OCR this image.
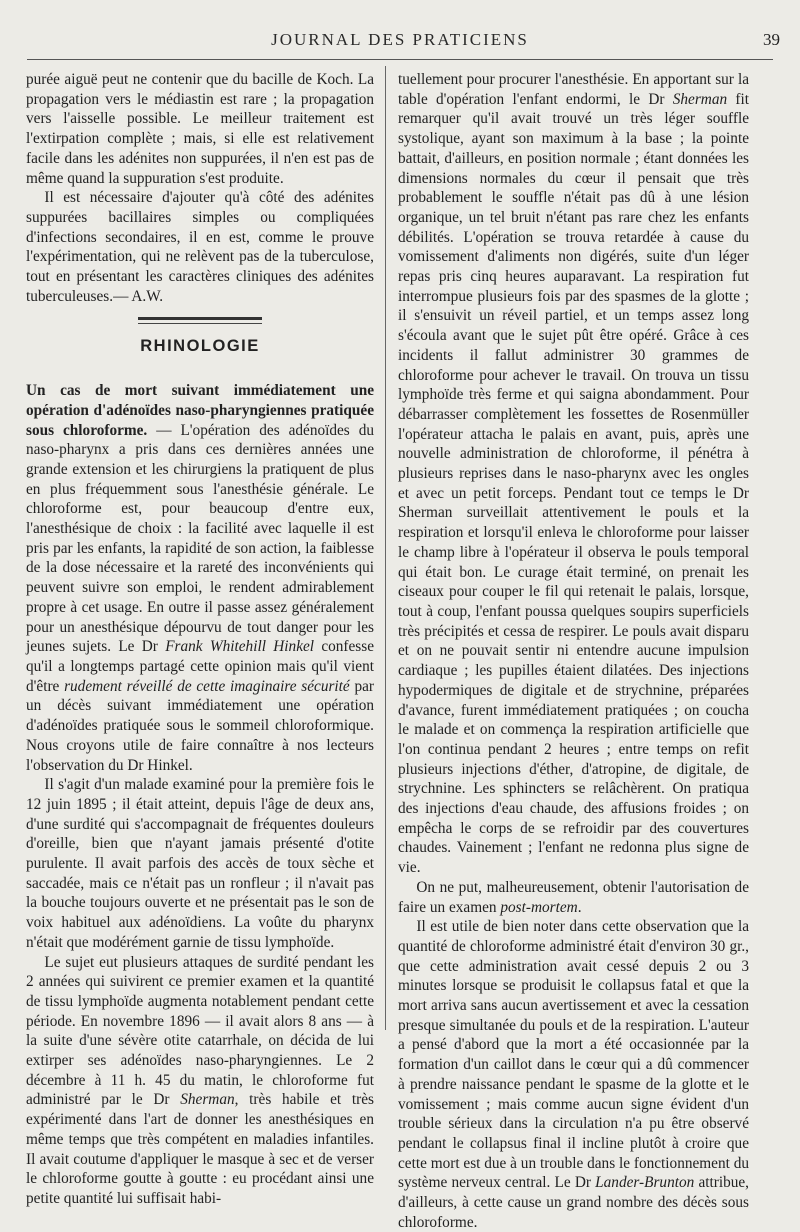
JOURNAL DES PRATICIENS	39

purée aiguë peut ne contenir que du bacille de Koch. La propagation vers le médiastin est rare ; la propagation vers l'aisselle possible. Le meilleur traitement est l'extirpation complète ; mais, si elle est relativement facile dans les adénites non suppurées, il n'en est pas de même quand la suppuration s'est produite.

Il est nécessaire d'ajouter qu'à côté des adénites suppurées bacillaires simples ou compliquées d'infections secondaires, il en est, comme le prouve l'expérimentation, qui ne relèvent pas de la tuberculose, tout en présentant les caractères cliniques des adénites tuberculeuses.— A.W.

RHINOLOGIE

Un cas de mort suivant immédiatement une opération d'adénoïdes naso-pharyngiennes pratiquée sous chloroforme. — L'opération des adénoïdes du naso-pharynx a pris dans ces dernières années une grande extension et les chirurgiens la pratiquent de plus en plus fréquemment sous l'anesthésie générale. Le chloroforme est, pour beaucoup d'entre eux, l'anesthésique de choix : la facilité avec laquelle il est pris par les enfants, la rapidité de son action, la faiblesse de la dose nécessaire et la rareté des inconvénients qui peuvent suivre son emploi, le rendent admirablement propre à cet usage. En outre il passe assez généralement pour un anesthésique dépourvu de tout danger pour les jeunes sujets. Le Dr Frank Whitehill Hinkel confesse qu'il a longtemps partagé cette opinion mais qu'il vient d'être rudement réveillé de cette imaginaire sécurité par un décès suivant immédiatement une opération d'adénoïdes pratiquée sous le sommeil chloroformique. Nous croyons utile de faire connaître à nos lecteurs l'observation du Dr Hinkel.

Il s'agit d'un malade examiné pour la première fois le 12 juin 1895 ; il était atteint, depuis l'âge de deux ans, d'une surdité qui s'accompagnait de fréquentes douleurs d'oreille, bien que n'ayant jamais présenté d'otite purulente. Il avait parfois des accès de toux sèche et saccadée, mais ce n'était pas un ronfleur ; il n'avait pas la bouche toujours ouverte et ne présentait pas le son de voix habituel aux adénoïdiens. La voûte du pharynx n'était que modérément garnie de tissu lymphoïde.

Le sujet eut plusieurs attaques de surdité pendant les 2 années qui suivirent ce premier examen et la quantité de tissu lymphoïde augmenta notablement pendant cette période. En novembre 1896 — il avait alors 8 ans — à la suite d'une sévère otite catarrhale, on décida de lui extirper ses adénoïdes naso-pharyngiennes. Le 2 décembre à 11 h. 45 du matin, le chloroforme fut administré par le Dr Sherman, très habile et très expérimenté dans l'art de donner les anesthésiques en même temps que très compétent en maladies infantiles. Il avait coutume d'appliquer le masque à sec et de verser le chloroforme goutte à goutte : eu procédant ainsi une petite quantité lui suffisait habi-

tuellement pour procurer l'anesthésie. En apportant sur la table d'opération l'enfant endormi, le Dr Sherman fit remarquer qu'il avait trouvé un très léger souffle systolique, ayant son maximum à la base ; la pointe battait, d'ailleurs, en position normale ; étant données les dimensions normales du cœur il pensait que très probablement le souffle n'était pas dû à une lésion organique, un tel bruit n'étant pas rare chez les enfants débilités. L'opération se trouva retardée à cause du vomissement d'aliments non digérés, suite d'un léger repas pris cinq heures auparavant. La respiration fut interrompue plusieurs fois par des spasmes de la glotte ; il s'ensuivit un réveil partiel, et un temps assez long s'écoula avant que le sujet pût être opéré. Grâce à ces incidents il fallut administrer 30 grammes de chloroforme pour achever le travail. On trouva un tissu lymphoïde très ferme et qui saigna abondamment. Pour débarrasser complètement les fossettes de Rosenmüller l'opérateur attacha le palais en avant, puis, après une nouvelle administration de chloroforme, il pénétra à plusieurs reprises dans le naso-pharynx avec les ongles et avec un petit forceps. Pendant tout ce temps le Dr Sherman surveillait attentivement le pouls et la respiration et lorsqu'il enleva le chloroforme pour laisser le champ libre à l'opérateur il observa le pouls temporal qui était bon. Le curage était terminé, on prenait les ciseaux pour couper le fil qui retenait le palais, lorsque, tout à coup, l'enfant poussa quelques soupirs superficiels très précipités et cessa de respirer. Le pouls avait disparu et on ne pouvait sentir ni entendre aucune impulsion cardiaque ; les pupilles étaient dilatées. Des injections hypodermiques de digitale et de strychnine, préparées d'avance, furent immédiatement pratiquées ; on coucha le malade et on commença la respiration artificielle que l'on continua pendant 2 heures ; entre temps on refit plusieurs injections d'éther, d'atropine, de digitale, de strychnine. Les sphincters se relâchèrent. On pratiqua des injections d'eau chaude, des affusions froides ; on empêcha le corps de se refroidir par des couvertures chaudes. Vainement ; l'enfant ne redonna plus signe de vie.

On ne put, malheureusement, obtenir l'autorisation de faire un examen post-mortem.

Il est utile de bien noter dans cette observation que la quantité de chloroforme administré était d'environ 30 gr., que cette administration avait cessé depuis 2 ou 3 minutes lorsque se produisit le collapsus fatal et que la mort arriva sans aucun avertissement et avec la cessation presque simultanée du pouls et de la respiration. L'auteur a pensé d'abord que la mort a été occasionnée par la formation d'un caillot dans le cœur qui a dû commencer à prendre naissance pendant le spasme de la glotte et le vomissement ; mais comme aucun signe évident d'un trouble sérieux dans la circulation n'a pu être observé pendant le collapsus final il incline plutôt à croire que cette mort est due à un trouble dans le fonctionnement du système nerveux central. Le Dr Lander-Brunton attribue, d'ailleurs, à cette cause un grand nombre des décès sous chloroforme.
